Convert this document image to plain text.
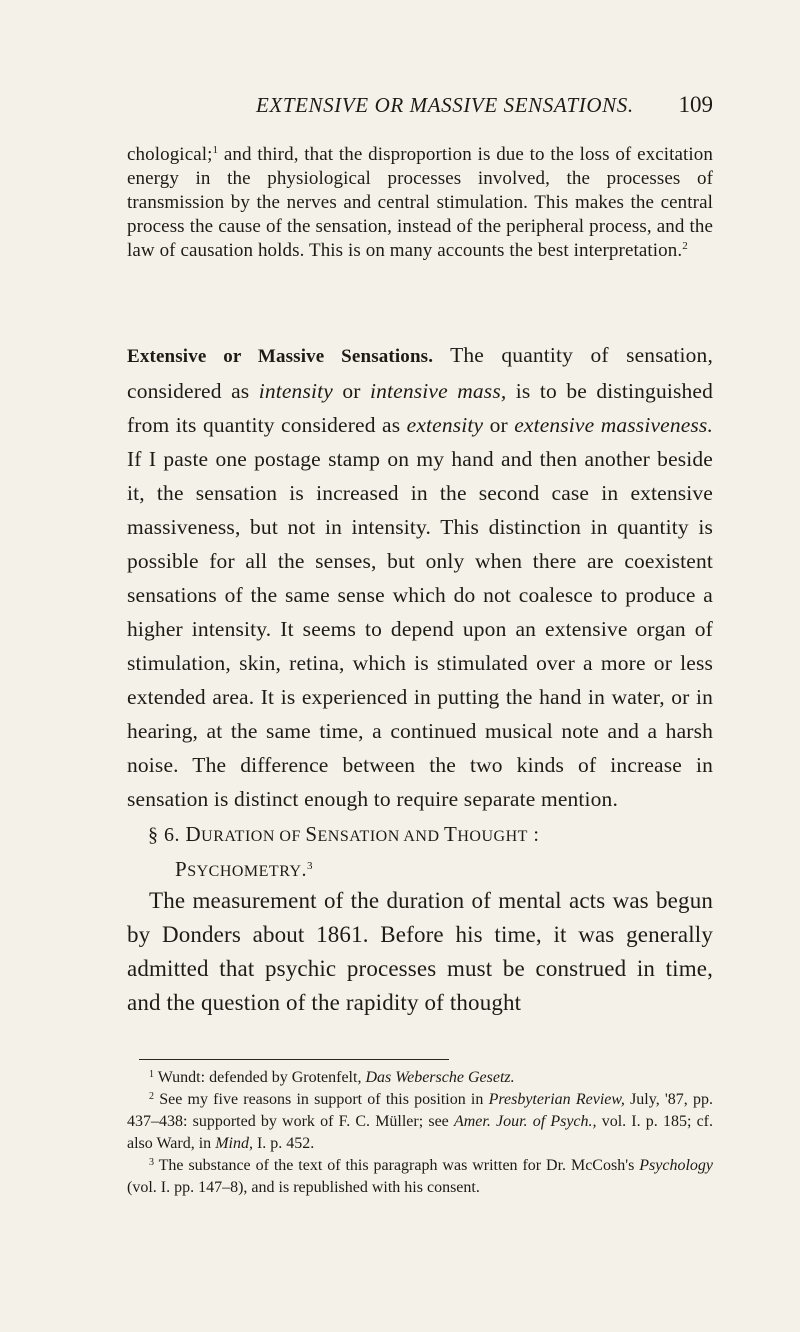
EXTENSIVE OR MASSIVE SENSATIONS. 109

chological;$^1$ and third, that the disproportion is due to the loss of excitation energy in the physiological processes involved, the processes of transmission by the nerves and central stimulation. This makes the central process the cause of the sensation, instead of the peripheral process, and the law of causation holds. This is on many accounts the best interpretation.$^2$

Extensive or Massive Sensations. The quantity of sensation, considered as intensity or intensive mass, is to be distinguished from its quantity considered as extensity or extensive massiveness. If I paste one postage stamp on my hand and then another beside it, the sensation is increased in the second case in extensive massiveness, but not in intensity. This distinction in quantity is possible for all the senses, but only when there are coexistent sensations of the same sense which do not coalesce to produce a higher intensity. It seems to depend upon an extensive organ of stimulation, skin, retina, which is stimulated over a more or less extended area. It is experienced in putting the hand in water, or in hearing, at the same time, a continued musical note and a harsh noise. The difference between the two kinds of increase in sensation is distinct enough to require separate mention.

§ 6. DURATION OF SENSATION AND THOUGHT :
PSYCHOMETRY.$^3$

The measurement of the duration of mental acts was begun by Donders about 1861. Before his time, it was generally admitted that psychic processes must be construed in time, and the question of the rapidity of thought

$^1$ Wundt: defended by Grotenfelt, Das Webersche Gesetz.

$^2$ See my five reasons in support of this position in Presbyterian Review, July, '87, pp. 437–438: supported by work of F. C. Müller; see Amer. Jour. of Psych., vol. I. p. 185; cf. also Ward, in Mind, I. p. 452.

$^3$ The substance of the text of this paragraph was written for Dr. McCosh's Psychology (vol. I. pp. 147–8), and is republished with his consent.
